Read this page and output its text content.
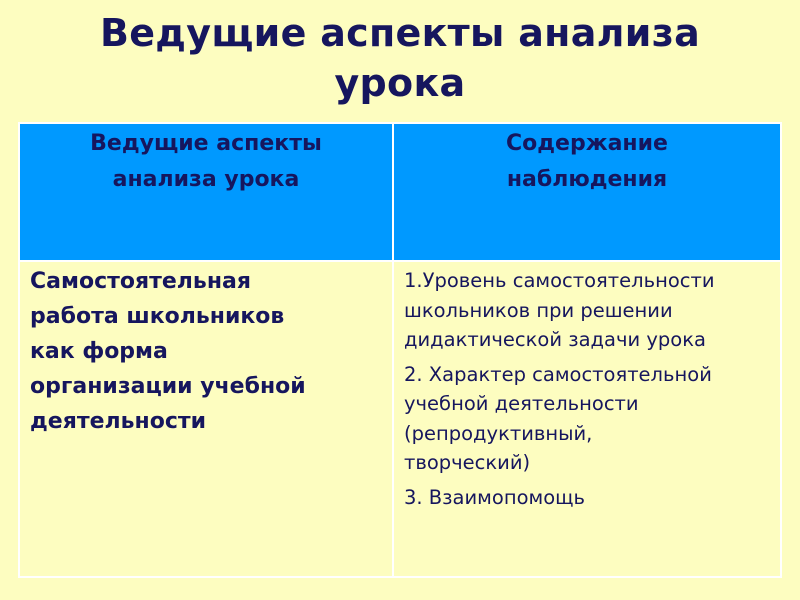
Ведущие аспекты анализа
урока
Ведущие аспекты
анализа урока
Содержание
наблюдения
Самостоятельная
работа школьников
как форма
организации учебной
деятельности
1.Уровень самостоятельности
школьников при решении
дидактической задачи урока
2. Характер самостоятельной
учебной деятельности
(репродуктивный,
творческий)
3. Взаимопомощь
